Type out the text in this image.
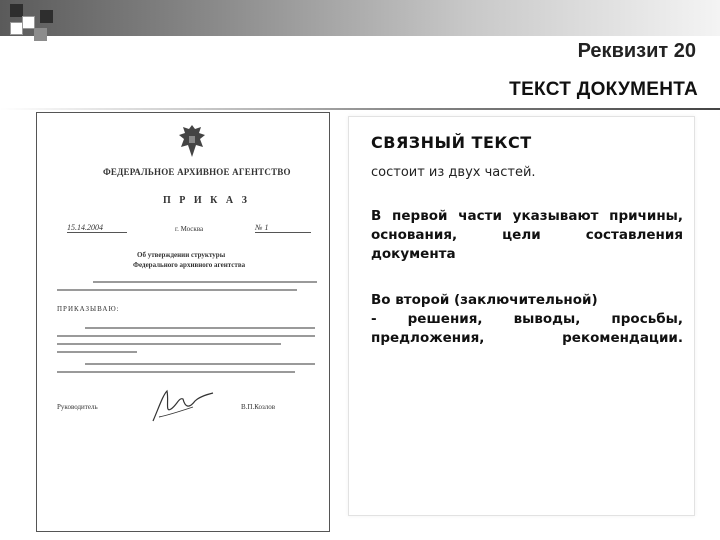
Реквизит 20
ТЕКСТ ДОКУМЕНТА
ФЕДЕРАЛЬНОЕ АРХИВНОЕ АГЕНТСТВО
П Р И К А З
15.14.2004	г. Москва	№ 1
Об утверждении структуры
Федерального архивного агентства
ПРИКАЗЫВАЮ:
Руководитель	В.П.Козлов
СВЯЗНЫЙ ТЕКСТ
состоит из двух частей.
В первой части указывают причины, основания, цели составления документа
Во второй (заключительной)
- решения, выводы, просьбы, предложения, рекомендации.
